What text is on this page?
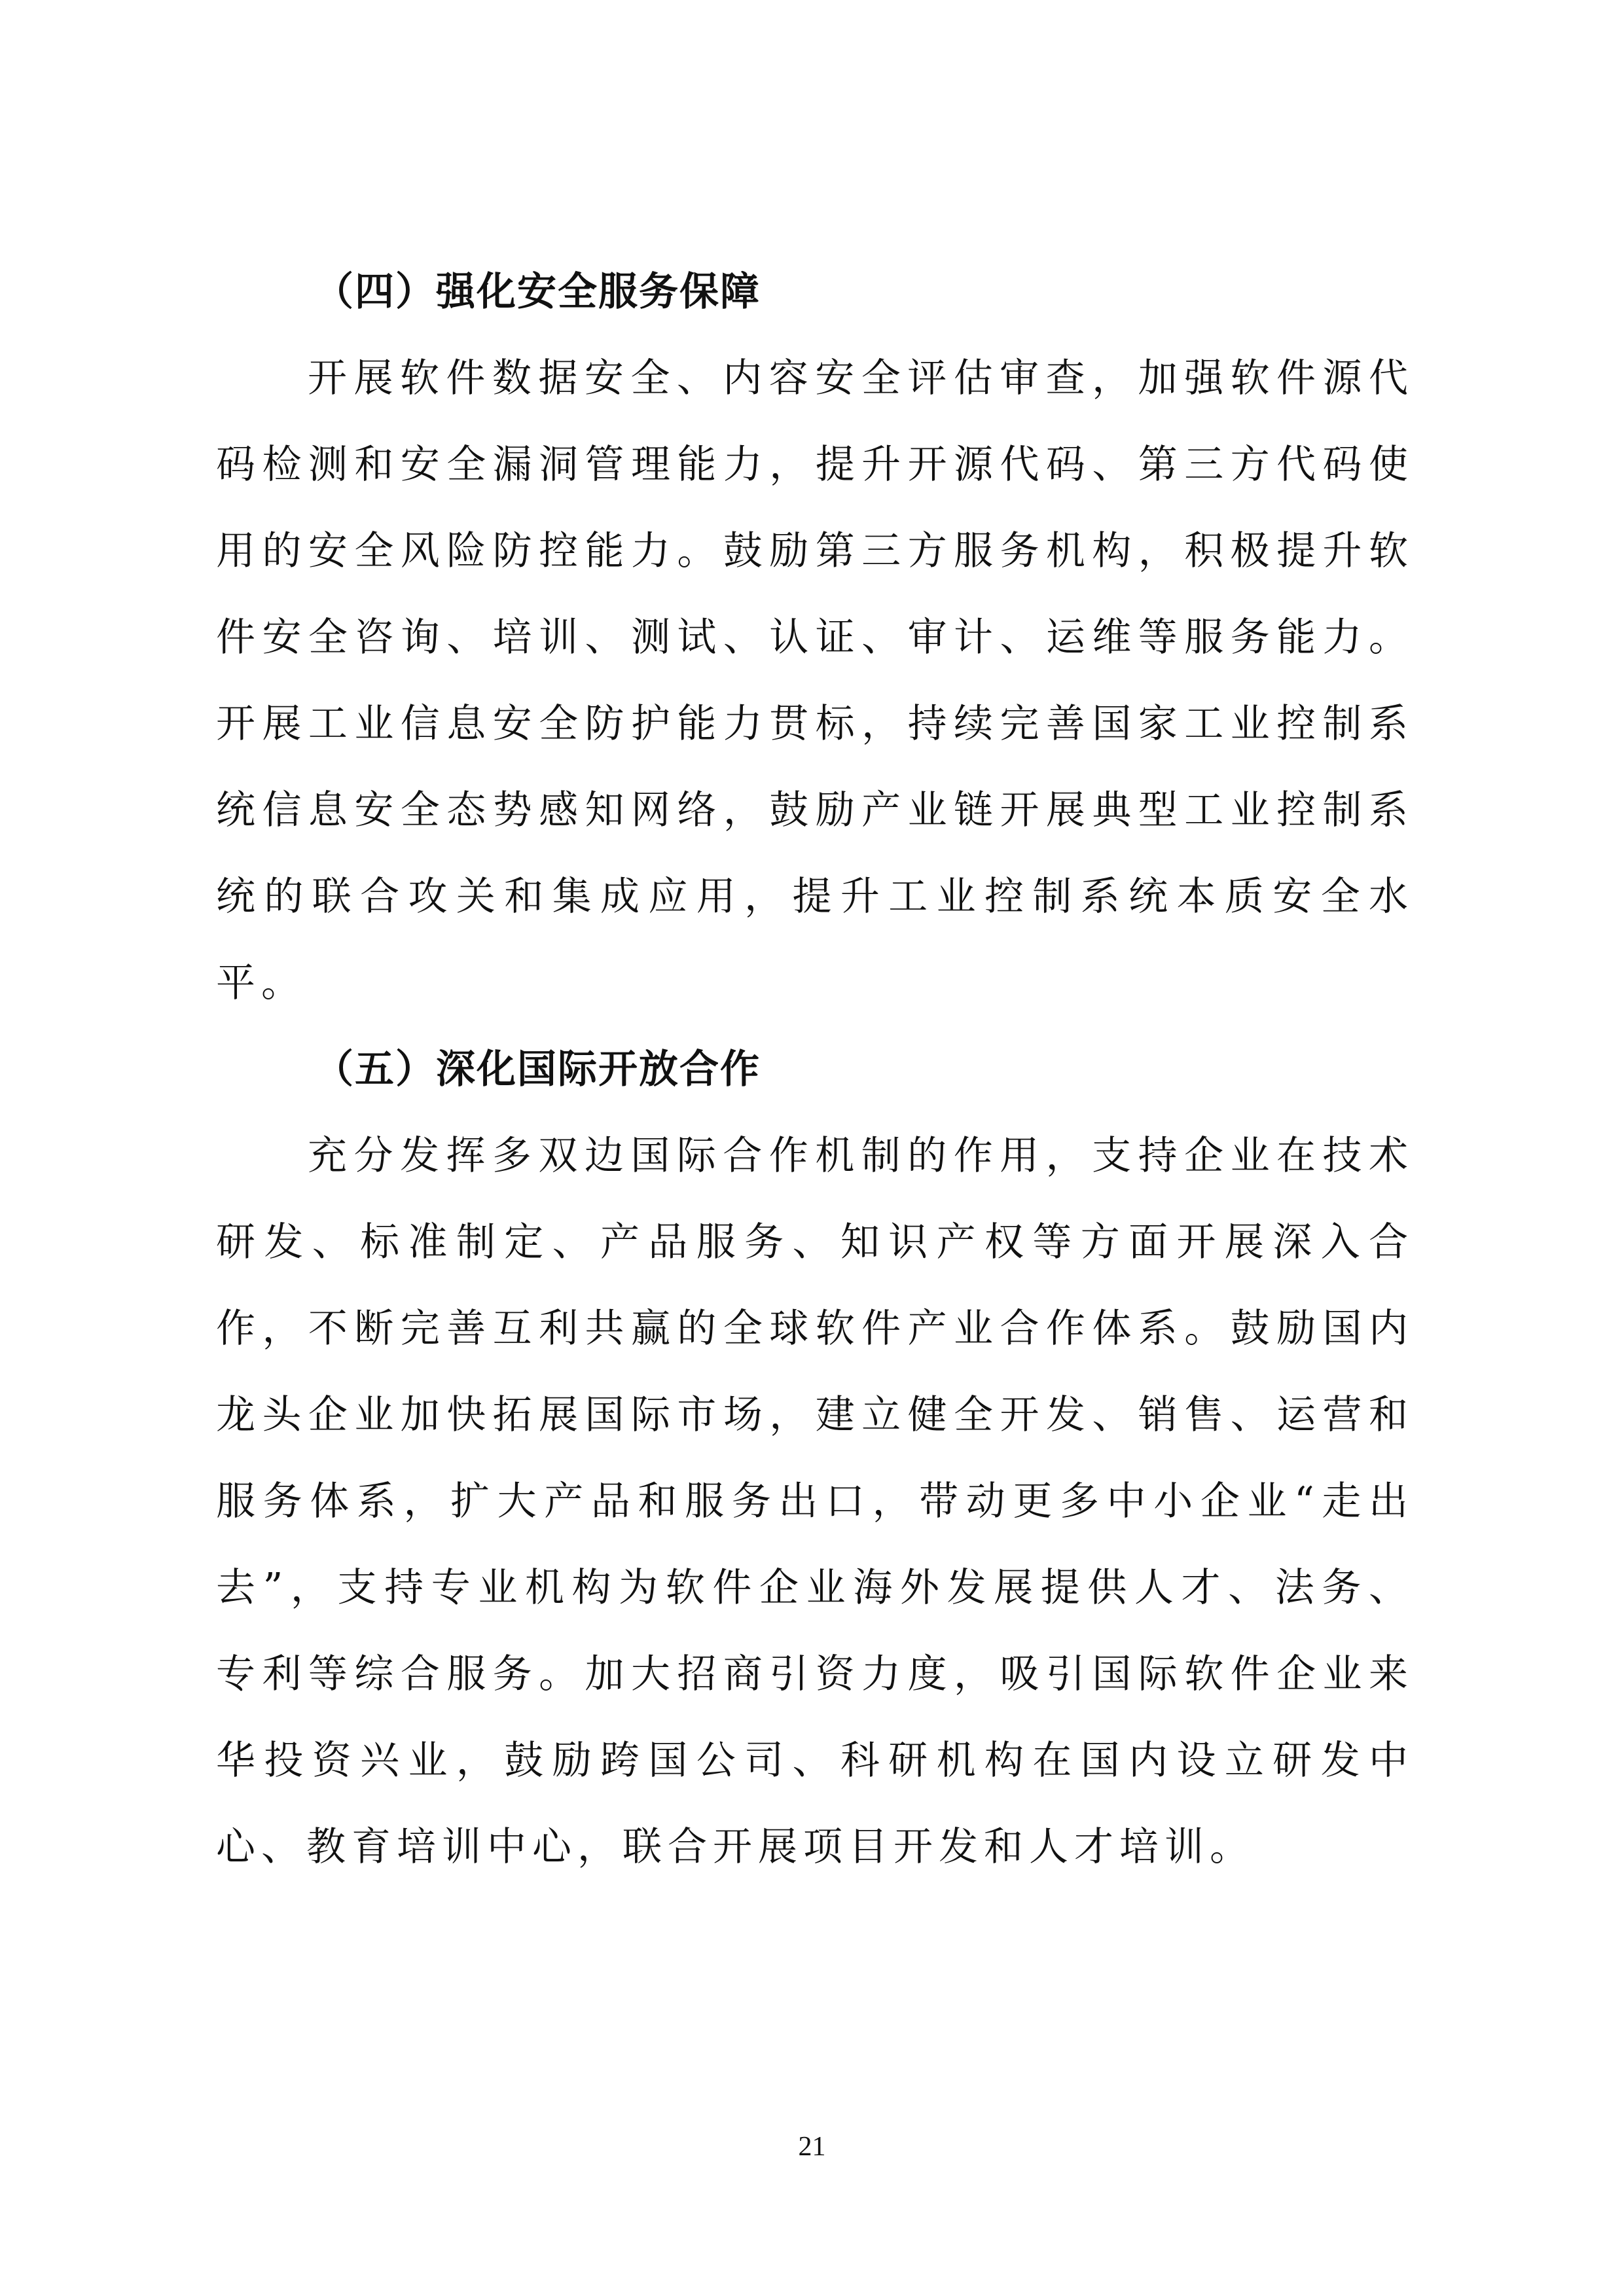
（四）强化安全服务保障

开展软件数据安全、内容安全评估审查，加强软件源代码检测和安全漏洞管理能力，提升开源代码、第三方代码使用的安全风险防控能力。鼓励第三方服务机构，积极提升软件安全咨询、培训、测试、认证、审计、运维等服务能力。开展工业信息安全防护能力贯标，持续完善国家工业控制系统信息安全态势感知网络，鼓励产业链开展典型工业控制系统的联合攻关和集成应用，提升工业控制系统本质安全水平。

（五）深化国际开放合作

充分发挥多双边国际合作机制的作用，支持企业在技术研发、标准制定、产品服务、知识产权等方面开展深入合作，不断完善互利共赢的全球软件产业合作体系。鼓励国内龙头企业加快拓展国际市场，建立健全开发、销售、运营和服务体系，扩大产品和服务出口，带动更多中小企业“走出去”，支持专业机构为软件企业海外发展提供人才、法务、专利等综合服务。加大招商引资力度，吸引国际软件企业来华投资兴业，鼓励跨国公司、科研机构在国内设立研发中心、教育培训中心，联合开展项目开发和人才培训。

21
